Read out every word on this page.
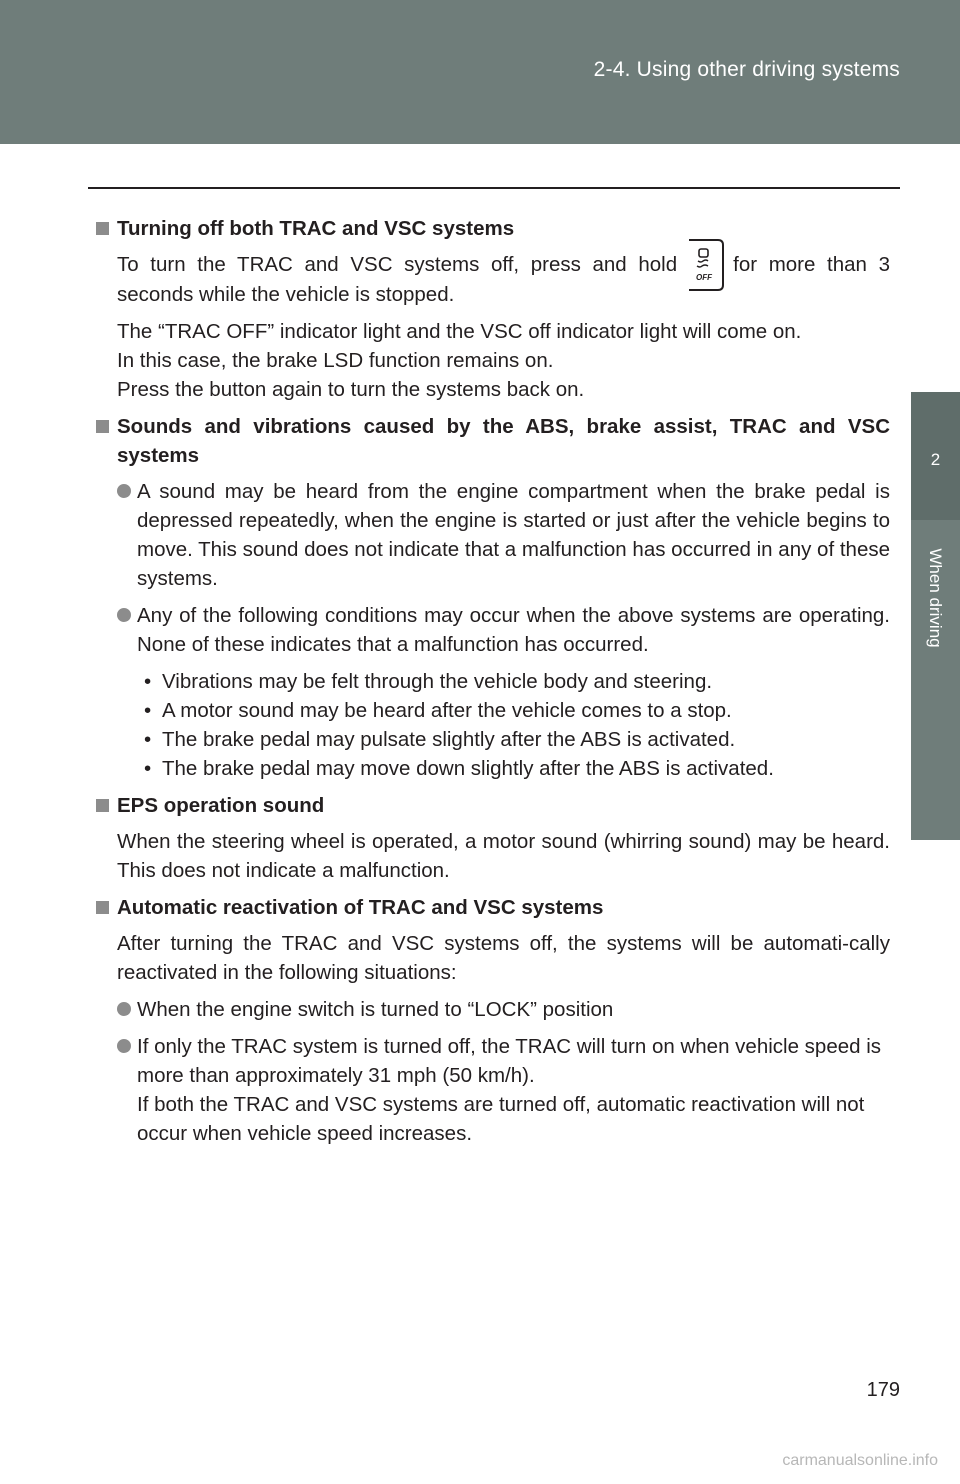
2-4. Using other driving systems
2
When driving
Turning off both TRAC and VSC systems
To turn the TRAC and VSC systems off, press and hold
OFF
for more than 3 seconds while the vehicle is stopped.
The “TRAC OFF” indicator light and the VSC off indicator light will come on.
In this case, the brake LSD function remains on.
Press the button again to turn the systems back on.
Sounds and vibrations caused by the ABS, brake assist, TRAC and VSC systems
A sound may be heard from the engine compartment when the brake pedal is depressed repeatedly, when the engine is started or just after the vehicle begins to move. This sound does not indicate that a malfunction has occurred in any of these systems.
Any of the following conditions may occur when the above systems are operating. None of these indicates that a malfunction has occurred.
• Vibrations may be felt through the vehicle body and steering.
• A motor sound may be heard after the vehicle comes to a stop.
• The brake pedal may pulsate slightly after the ABS is activated.
• The brake pedal may move down slightly after the ABS is activated.
EPS operation sound
When the steering wheel is operated, a motor sound (whirring sound) may be heard. This does not indicate a malfunction.
Automatic reactivation of TRAC and VSC systems
After turning the TRAC and VSC systems off, the systems will be automati-cally reactivated in the following situations:
When the engine switch is turned to “LOCK” position
If only the TRAC system is turned off, the TRAC will turn on when vehicle speed is more than approximately 31 mph (50 km/h).
If both the TRAC and VSC systems are turned off, automatic reactivation will not occur when vehicle speed increases.
179
carmanualsonline.info
